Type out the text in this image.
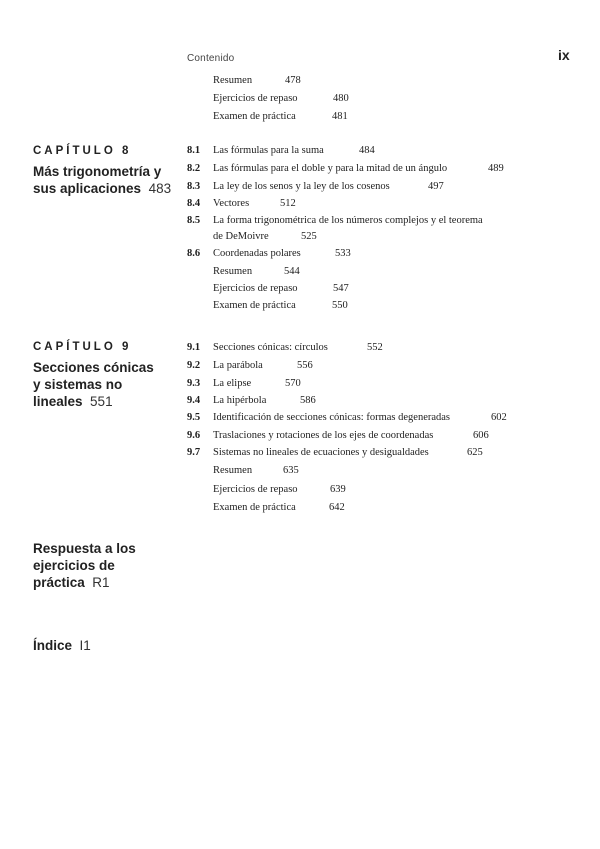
Contenido	ix
Resumen	478
Ejercicios de repaso	480
Examen de práctica	481
CAPÍTULO 8
Más trigonometría y
sus aplicaciones 483
8.1 Las fórmulas para la suma	484
8.2 Las fórmulas para el doble y para la mitad de un ángulo	489
8.3 La ley de los senos y la ley de los cosenos	497
8.4 Vectores	512
8.5 La forma trigonométrica de los números complejos y el teorema
de DeMoivre	525
8.6 Coordenadas polares	533
Resumen	544
Ejercicios de repaso	547
Examen de práctica	550
CAPÍTULO 9
Secciones cónicas
y sistemas no
lineales 551
9.1 Secciones cónicas: círculos	552
9.2 La parábola	556
9.3 La elipse	570
9.4 La hipérbola	586
9.5 Identificación de secciones cónicas: formas degeneradas	602
9.6 Traslaciones y rotaciones de los ejes de coordenadas	606
9.7 Sistemas no lineales de ecuaciones y desigualdades	625
Resumen	635
Ejercicios de repaso	639
Examen de práctica	642
Respuesta a los
ejercicios de
práctica R1
Índice I1
